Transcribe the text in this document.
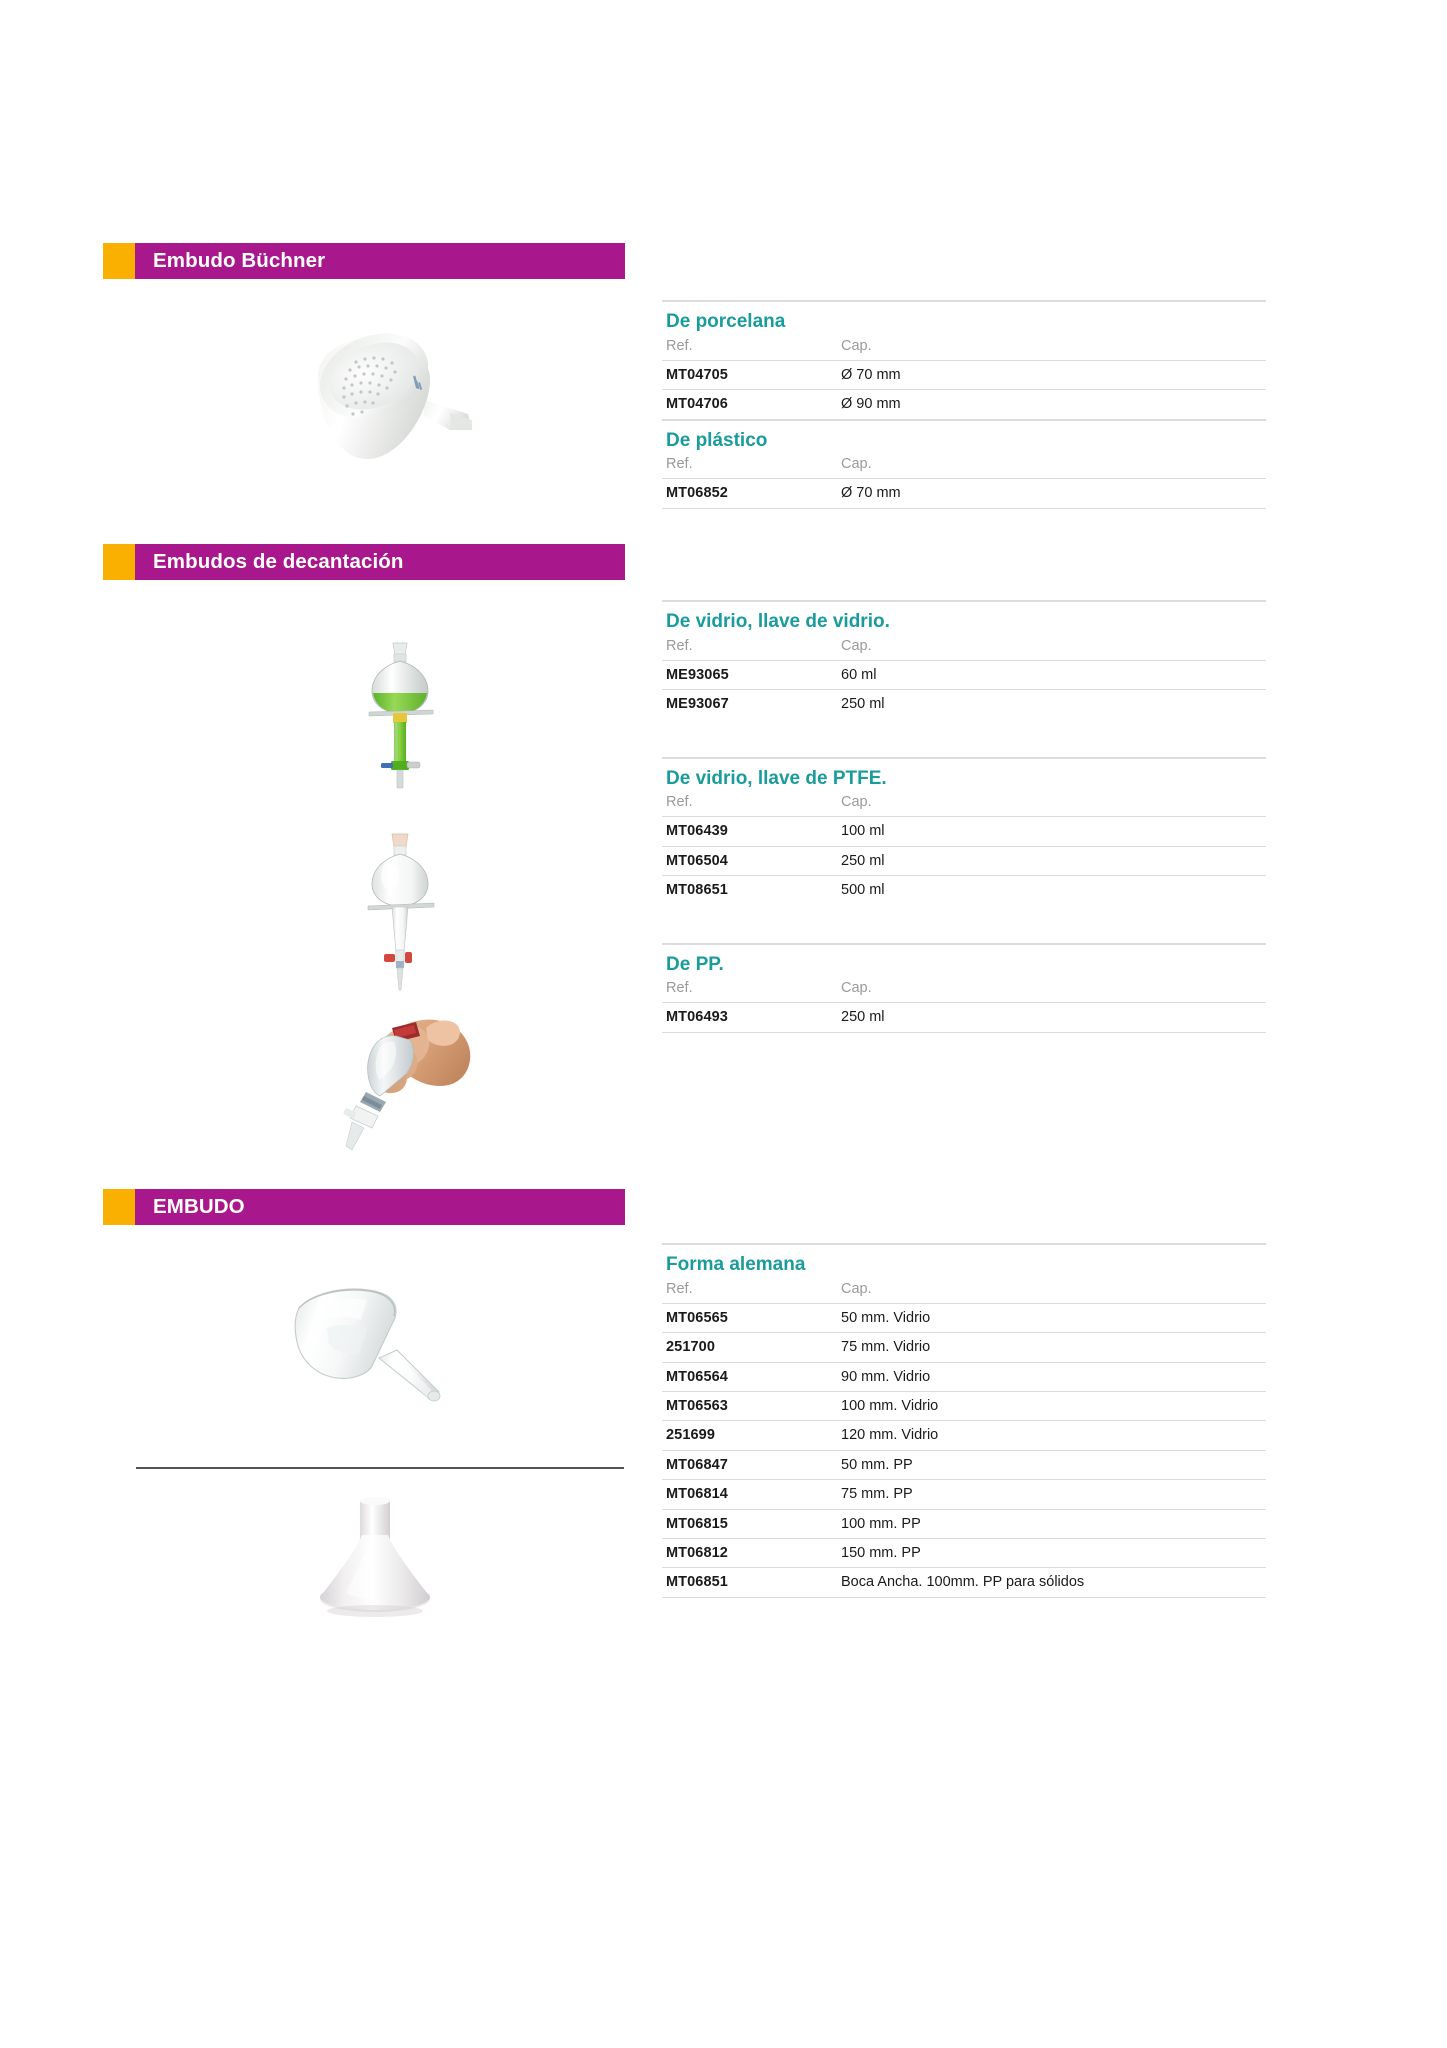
Embudo Büchner
De porcelana	
Ref.	Cap.
MT04705	Ø 70 mm
MT04706	Ø 90 mm
De plástico	
Ref.	Cap.
MT06852	Ø 70 mm

Embudos de decantación
De vidrio, llave de vidrio.	
Ref.	Cap.
ME93065	60 ml
ME93067	250 ml

De vidrio, llave de PTFE.	
Ref.	Cap.
MT06439	100 ml
MT06504	250 ml
MT08651	500 ml

De PP.	
Ref.	Cap.
MT06493	250 ml

EMBUDO
Forma alemana	
Ref.	Cap.
MT06565	50 mm. Vidrio
251700	75 mm. Vidrio
MT06564	90 mm. Vidrio
MT06563	100 mm. Vidrio
251699	120 mm. Vidrio
MT06847	50 mm. PP
MT06814	75 mm. PP
MT06815	100 mm. PP
MT06812	150 mm. PP
MT06851	Boca Ancha. 100mm. PP para sólidos
